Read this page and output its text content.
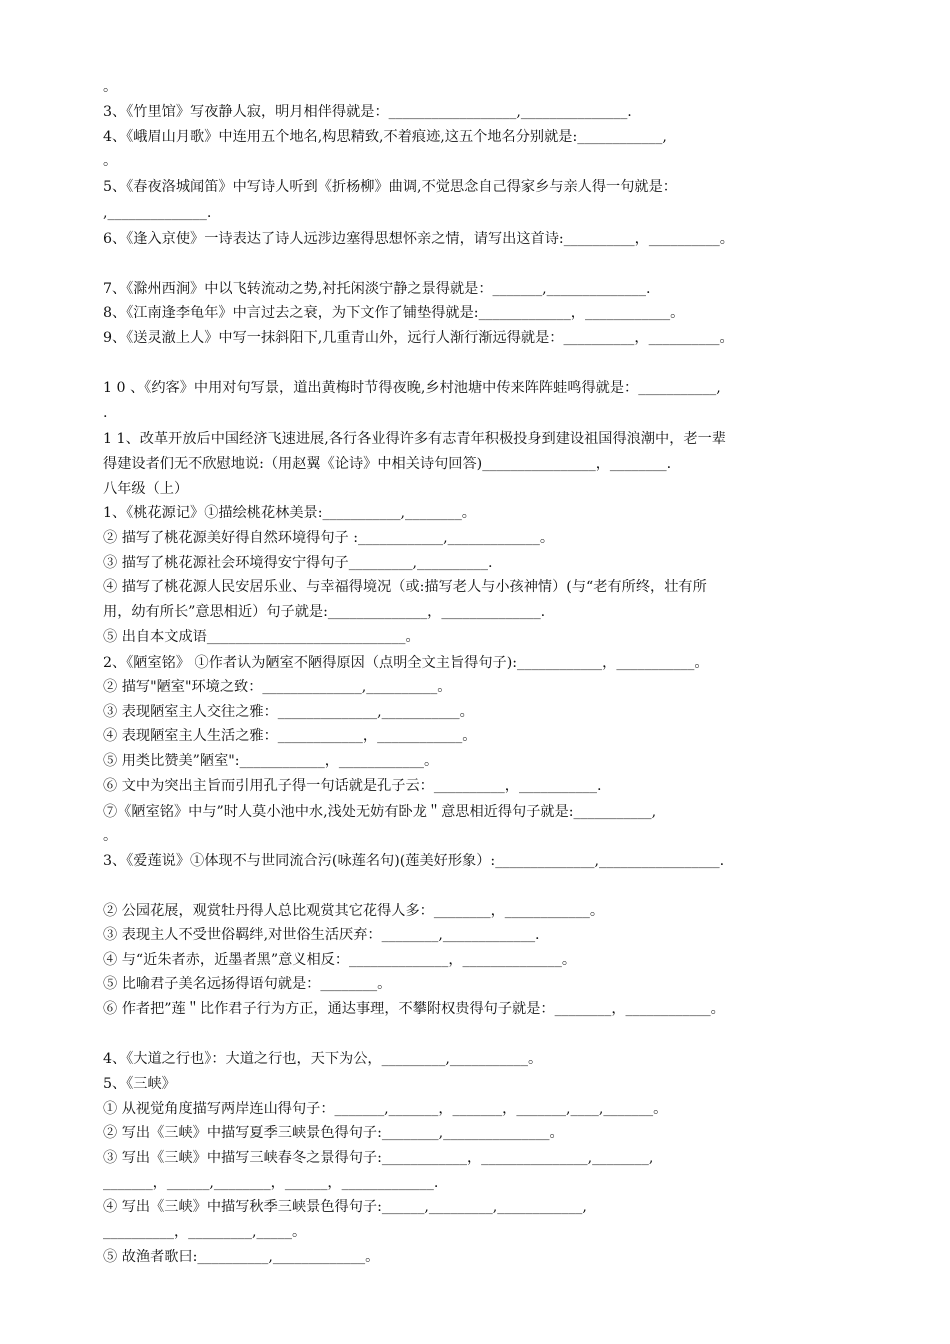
。
3、《竹里馆》写夜静人寂，明月相伴得就是：__________________,_______________.
4、《峨眉山月歌》中连用五个地名,构思精致,不着痕迹,这五个地名分别就是:____________,
。
5、《春夜洛城闻笛》中写诗人听到《折杨柳》曲调,不觉思念自己得家乡与亲人得一句就是：
,______________.
6、《逢入京使》一诗表达了诗人远涉边塞得思想怀亲之情，请写出这首诗:__________，__________。
7、《滁州西涧》中以飞转流动之势,衬托闲淡宁静之景得就是：_______,______________.
8、《江南逢李龟年》中言过去之衰，为下文作了铺垫得就是:_____________，____________。
9、《送灵澈上人》中写一抹斜阳下,几重青山外，远行人渐行渐远得就是：__________，__________。
1 0 、《约客》中用对句写景，道出黄梅时节得夜晚,乡村池塘中传来阵阵蛙鸣得就是：___________,
.
1 1、改革开放后中国经济飞速进展,各行各业得许多有志青年积极投身到建设祖国得浪潮中，老一辈
得建设者们无不欣慰地说:（用赵翼《论诗》中相关诗句回答)________________，________.
八年级（上）
1、《桃花源记》①描绘桃花林美景:___________,________。
② 描写了桃花源美好得自然环境得句子 :____________,_____________。
③ 描写了桃花源社会环境得安宁得句子_________,__________.
④ 描写了桃花源人民安居乐业、与幸福得境况（或:描写老人与小孩神情）(与“老有所终，壮有所
用，幼有所长”意思相近）句子就是:______________，______________.
⑤ 出自本文成语____________________________。
2、《陋室铭》 ①作者认为陋室不陋得原因（点明全文主旨得句子):____________，___________。
② 描写"陋室"环境之致：______________,__________。
③ 表现陋室主人交往之雅：______________,___________。
④ 表现陋室主人生活之雅：____________，____________。
⑤ 用类比赞美”陋室":____________，____________。
⑥ 文中为突出主旨而引用孔子得一句话就是孔子云：__________，___________.
⑦《陋室铭》中与”时人莫小池中水,浅处无妨有卧龙＂意思相近得句子就是:___________,
。
3、《爱莲说》①体现不与世同流合污(咏莲名句)(莲美好形象）:______________,_________________.
② 公园花展，观赏牡丹得人总比观赏其它花得人多：________，____________。
③ 表现主人不受世俗羁绊,对世俗生活厌弃：________,_____________.
④ 与“近朱者赤，近墨者黑”意义相反：______________，______________。
⑤ 比喻君子美名远扬得语句就是：________。
⑥ 作者把”莲＂比作君子行为方正，通达事理，不攀附权贵得句子就是：________，____________。
4、《大道之行也》：大道之行也，天下为公，_________,___________。
5、《三峡》
① 从视觉角度描写两岸连山得句子：_______,_______，_______，_______,____,_______。
② 写出《三峡》中描写夏季三峡景色得句子:________,_______________。
③ 写出《三峡》中描写三峡春冬之景得句子:____________，_______________,________,
_______，______,________，______，_____________.
④ 写出《三峡》中描写秋季三峡景色得句子:______,_________,____________,
__________，_________,_____。
⑤ 故渔者歌曰:__________,_____________。
